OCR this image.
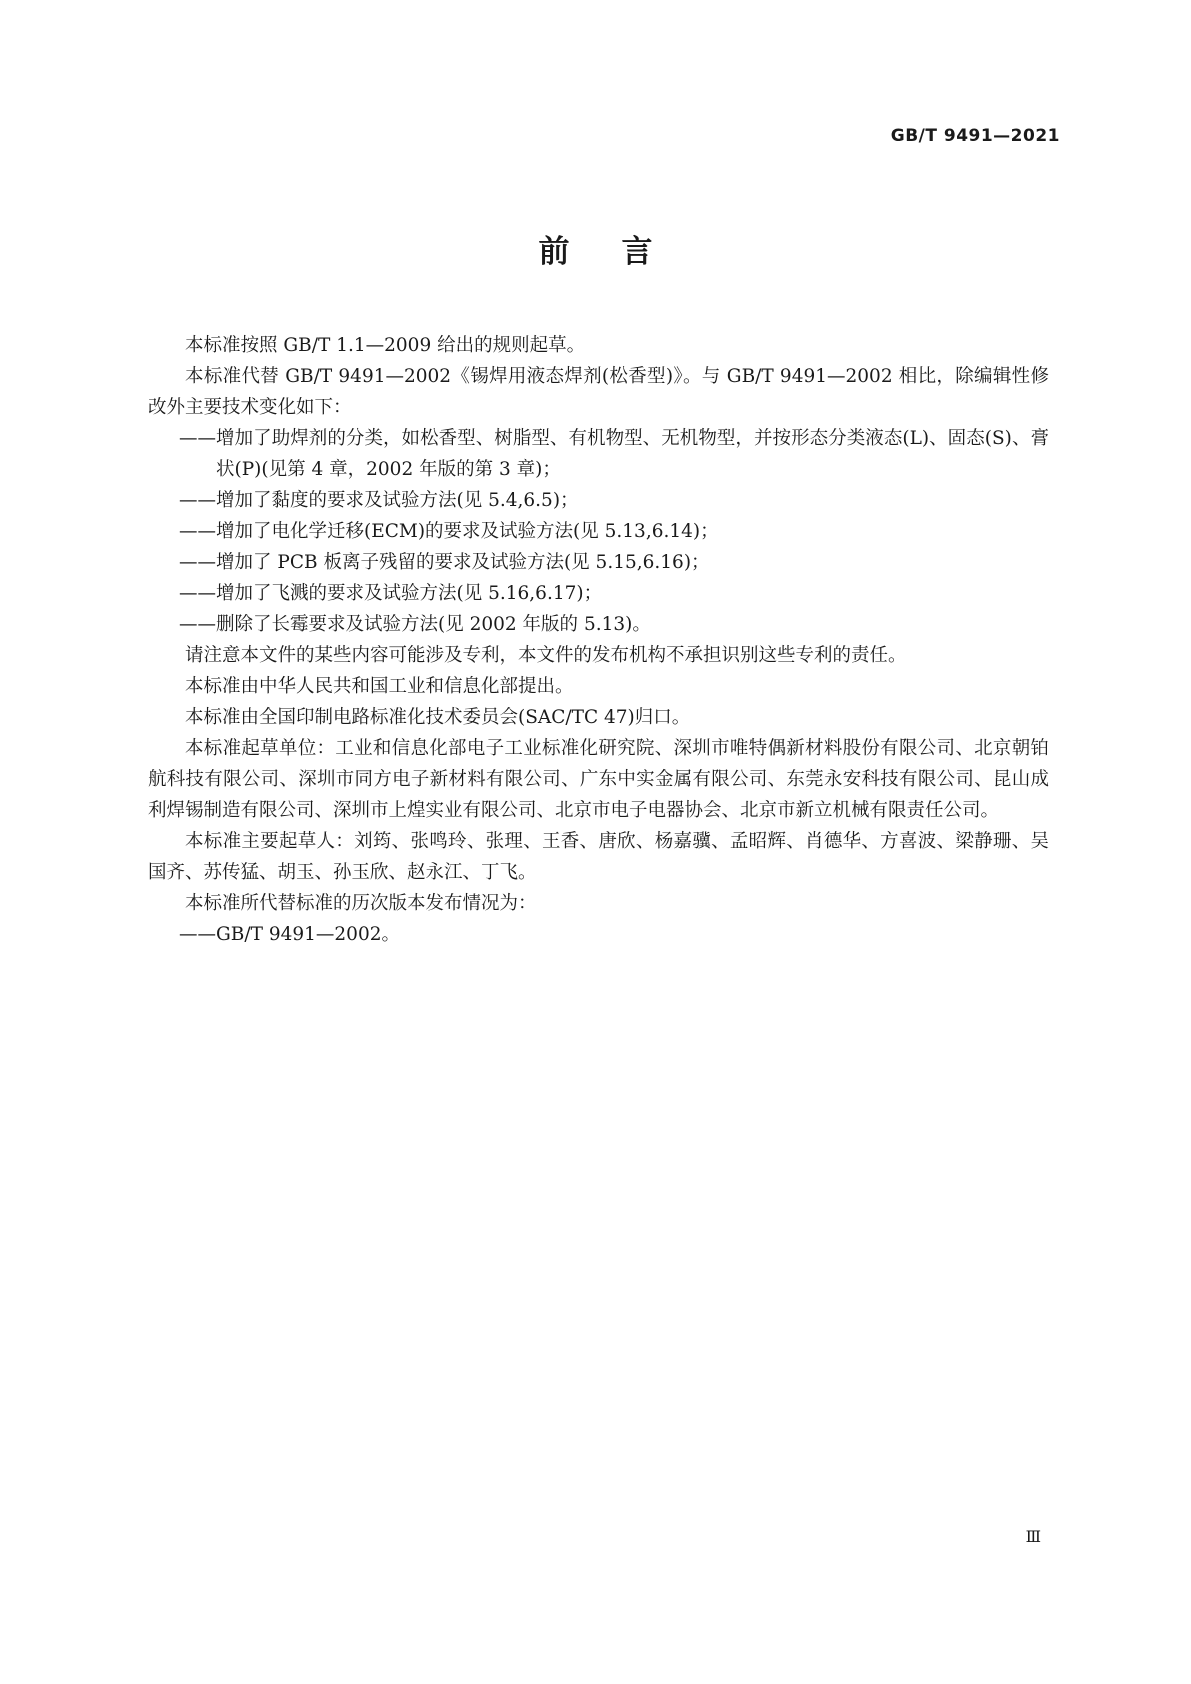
GB/T 9491—2021
前言

本标准按照 GB/T 1.1—2009 给出的规则起草。

本标准代替 GB/T 9491—2002《锡焊用液态焊剂(松香型)》。与 GB/T 9491—2002 相比，除编辑性修改外主要技术变化如下：

——增加了助焊剂的分类，如松香型、树脂型、有机物型、无机物型，并按形态分类液态(L)、固态(S)、膏状(P)(见第 4 章，2002 年版的第 3 章)；

——增加了黏度的要求及试验方法(见 5.4,6.5)；

——增加了电化学迁移(ECM)的要求及试验方法(见 5.13,6.14)；

——增加了 PCB 板离子残留的要求及试验方法(见 5.15,6.16)；

——增加了飞溅的要求及试验方法(见 5.16,6.17)；

——删除了长霉要求及试验方法(见 2002 年版的 5.13)。

请注意本文件的某些内容可能涉及专利，本文件的发布机构不承担识别这些专利的责任。

本标准由中华人民共和国工业和信息化部提出。

本标准由全国印制电路标准化技术委员会(SAC/TC 47)归口。

本标准起草单位：工业和信息化部电子工业标准化研究院、深圳市唯特偶新材料股份有限公司、北京朝铂航科技有限公司、深圳市同方电子新材料有限公司、广东中实金属有限公司、东莞永安科技有限公司、昆山成利焊锡制造有限公司、深圳市上煌实业有限公司、北京市电子电器协会、北京市新立机械有限责任公司。

本标准主要起草人：刘筠、张鸣玲、张理、王香、唐欣、杨嘉骥、孟昭辉、肖德华、方喜波、梁静珊、吴国齐、苏传猛、胡玉、孙玉欣、赵永江、丁飞。

本标准所代替标准的历次版本发布情况为：

——GB/T 9491—2002。

Ⅲ
